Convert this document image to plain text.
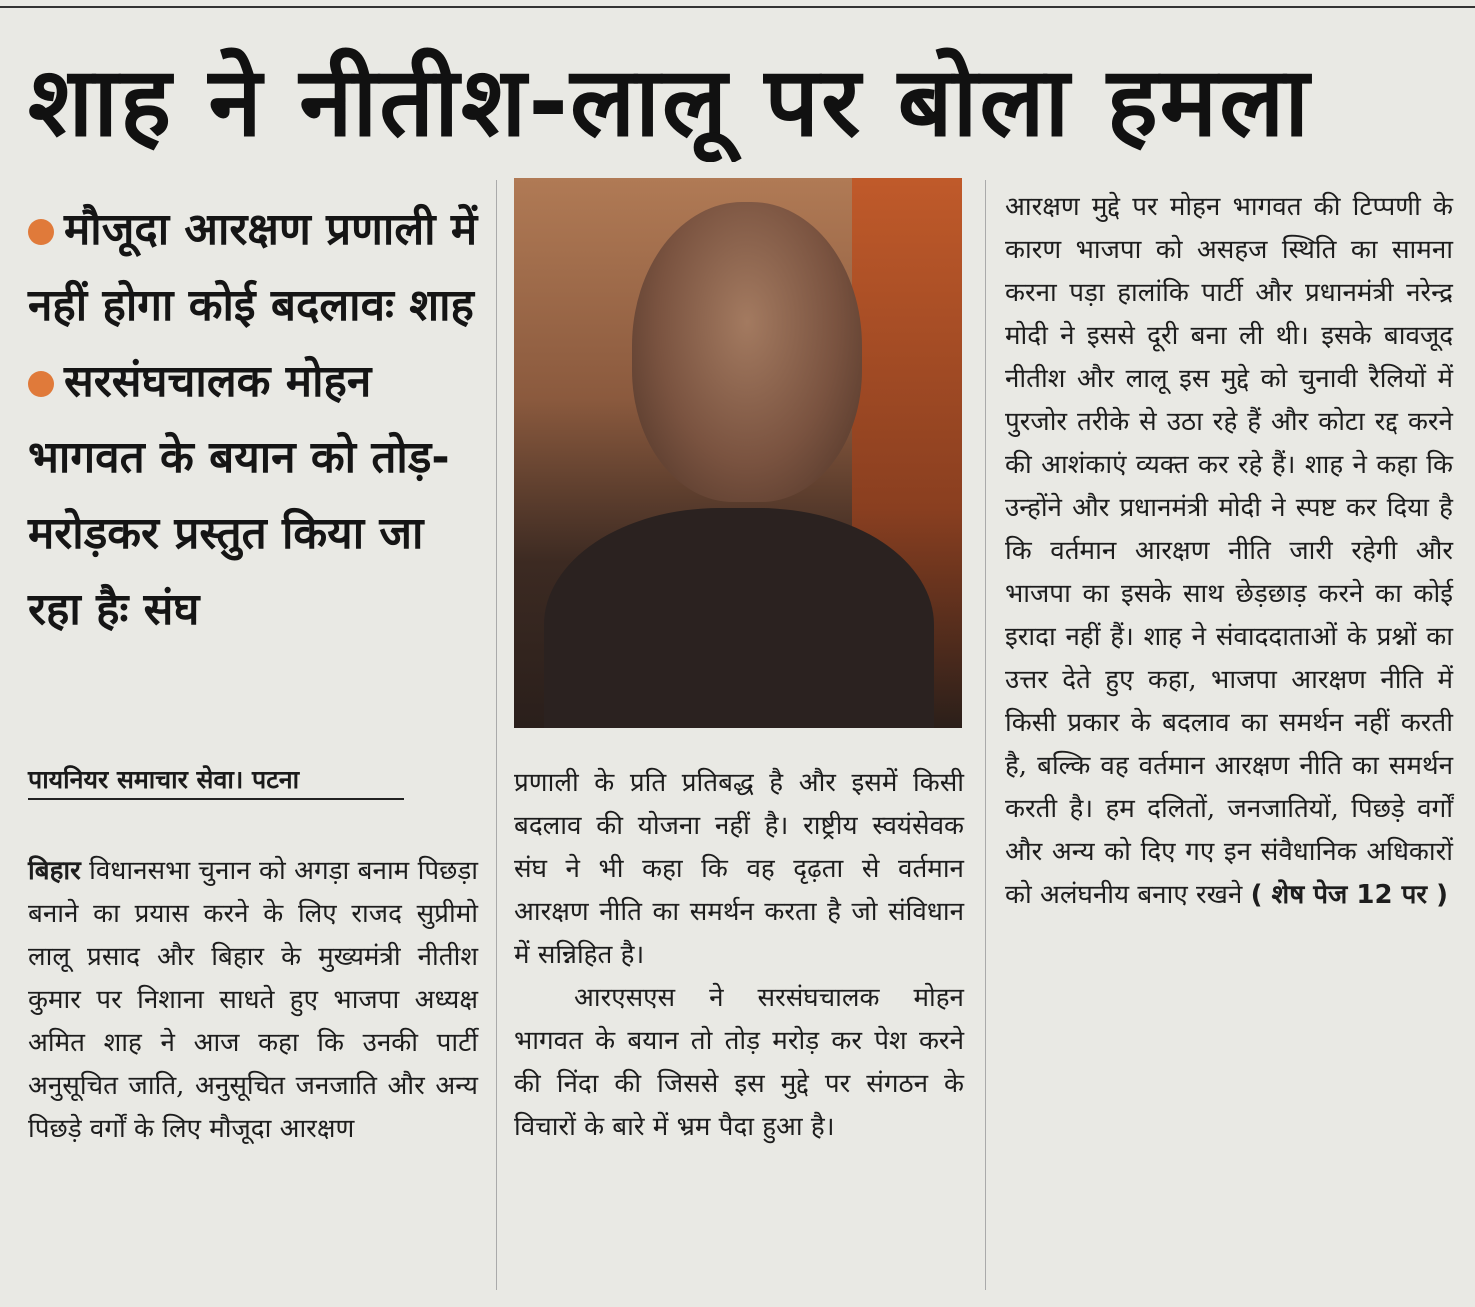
शाह ने नीतीश-लालू पर बोला हमला
मौजूदा आरक्षण प्रणाली में नहीं होगा कोई बदलावः शाह
सरसंघचालक मोहन भागवत के बयान को तोड़-मरोड़कर प्रस्तुत किया जा रहा हैः संघ
पायनियर समाचार सेवा। पटना
बिहार विधानसभा चुनान को अगड़ा बनाम पिछड़ा बनाने का प्रयास करने के लिए राजद सुप्रीमो लालू प्रसाद और बिहार के मुख्यमंत्री नीतीश कुमार पर निशाना साधते हुए भाजपा अध्यक्ष अमित शाह ने आज कहा कि उनकी पार्टी अनुसूचित जाति, अनुसूचित जनजाति और अन्य पिछड़े वर्गों के लिए मौजूदा आरक्षण
प्रणाली के प्रति प्रतिबद्ध है और इसमें किसी बदलाव की योजना नहीं है। राष्ट्रीय स्वयंसेवक संघ ने भी कहा कि वह दृढ़ता से वर्तमान आरक्षण नीति का समर्थन करता है जो संविधान में सन्निहित है।
आरएसएस ने सरसंघचालक मोहन भागवत के बयान तो तोड़ मरोड़ कर पेश करने की निंदा की जिससे इस मुद्दे पर संगठन के विचारों के बारे में भ्रम पैदा हुआ है।
आरक्षण मुद्दे पर मोहन भागवत की टिप्पणी के कारण भाजपा को असहज स्थिति का सामना करना पड़ा हालांकि पार्टी और प्रधानमंत्री नरेन्द्र मोदी ने इससे दूरी बना ली थी। इसके बावजूद नीतीश और लालू इस मुद्दे को चुनावी रैलियों में पुरजोर तरीके से उठा रहे हैं और कोटा रद्द करने की आशंकाएं व्यक्त कर रहे हैं। शाह ने कहा कि उन्होंने और प्रधानमंत्री मोदी ने स्पष्ट कर दिया है कि वर्तमान आरक्षण नीति जारी रहेगी और भाजपा का इसके साथ छेड़छाड़ करने का कोई इरादा नहीं हैं। शाह ने संवाददाताओं के प्रश्नों का उत्तर देते हुए कहा, भाजपा आरक्षण नीति में किसी प्रकार के बदलाव का समर्थन नहीं करती है, बल्कि वह वर्तमान आरक्षण नीति का समर्थन करती है। हम दलितों, जनजातियों, पिछड़े वर्गों और अन्य को दिए गए इन संवैधानिक अधिकारों को अलंघनीय बनाए रखने ( शेष पेज 12 पर )
